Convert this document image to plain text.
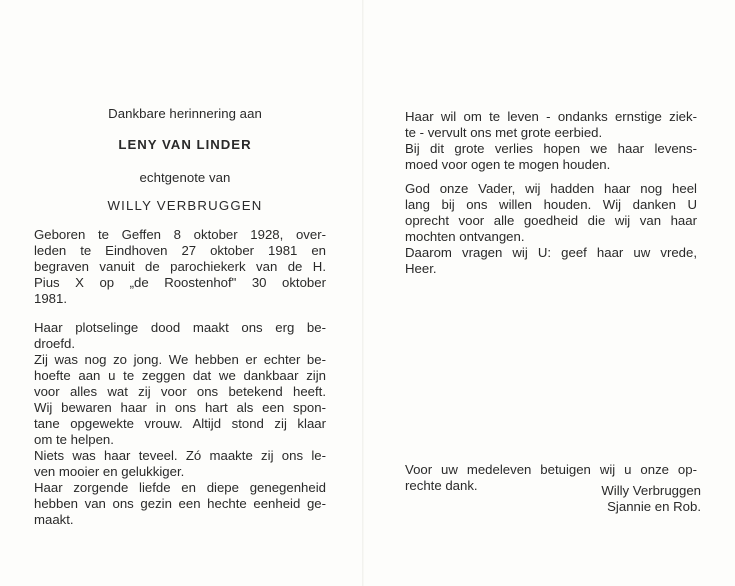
Dankbare herinnering aan
LENY VAN LINDER
echtgenote van
WILLY VERBRUGGEN
Geboren te Geffen 8 oktober 1928, over-
leden te Eindhoven 27 oktober 1981 en
begraven vanuit de parochiekerk van de H.
Pius X op „de Roostenhof" 30 oktober
1981.
Haar plotselinge dood maakt ons erg be-
droefd.
Zij was nog zo jong. We hebben er echter be-
hoefte aan u te zeggen dat we dankbaar zijn
voor alles wat zij voor ons betekend heeft.
Wij bewaren haar in ons hart als een spon-
tane opgewekte vrouw. Altijd stond zij klaar
om te helpen.
Niets was haar teveel. Zó maakte zij ons le-
ven mooier en gelukkiger.
Haar zorgende liefde en diepe genegenheid
hebben van ons gezin een hechte eenheid ge-
maakt.
Haar wil om te leven - ondanks ernstige ziek-
te - vervult ons met grote eerbied.
Bij dit grote verlies hopen we haar levens-
moed voor ogen te mogen houden.
God onze Vader, wij hadden haar nog heel
lang bij ons willen houden. Wij danken U
oprecht voor alle goedheid die wij van haar
mochten ontvangen.
Daarom vragen wij U: geef haar uw vrede,
Heer.
Voor uw medeleven betuigen wij u onze op-
rechte dank.	Willy Verbruggen
Sjannie en Rob.
